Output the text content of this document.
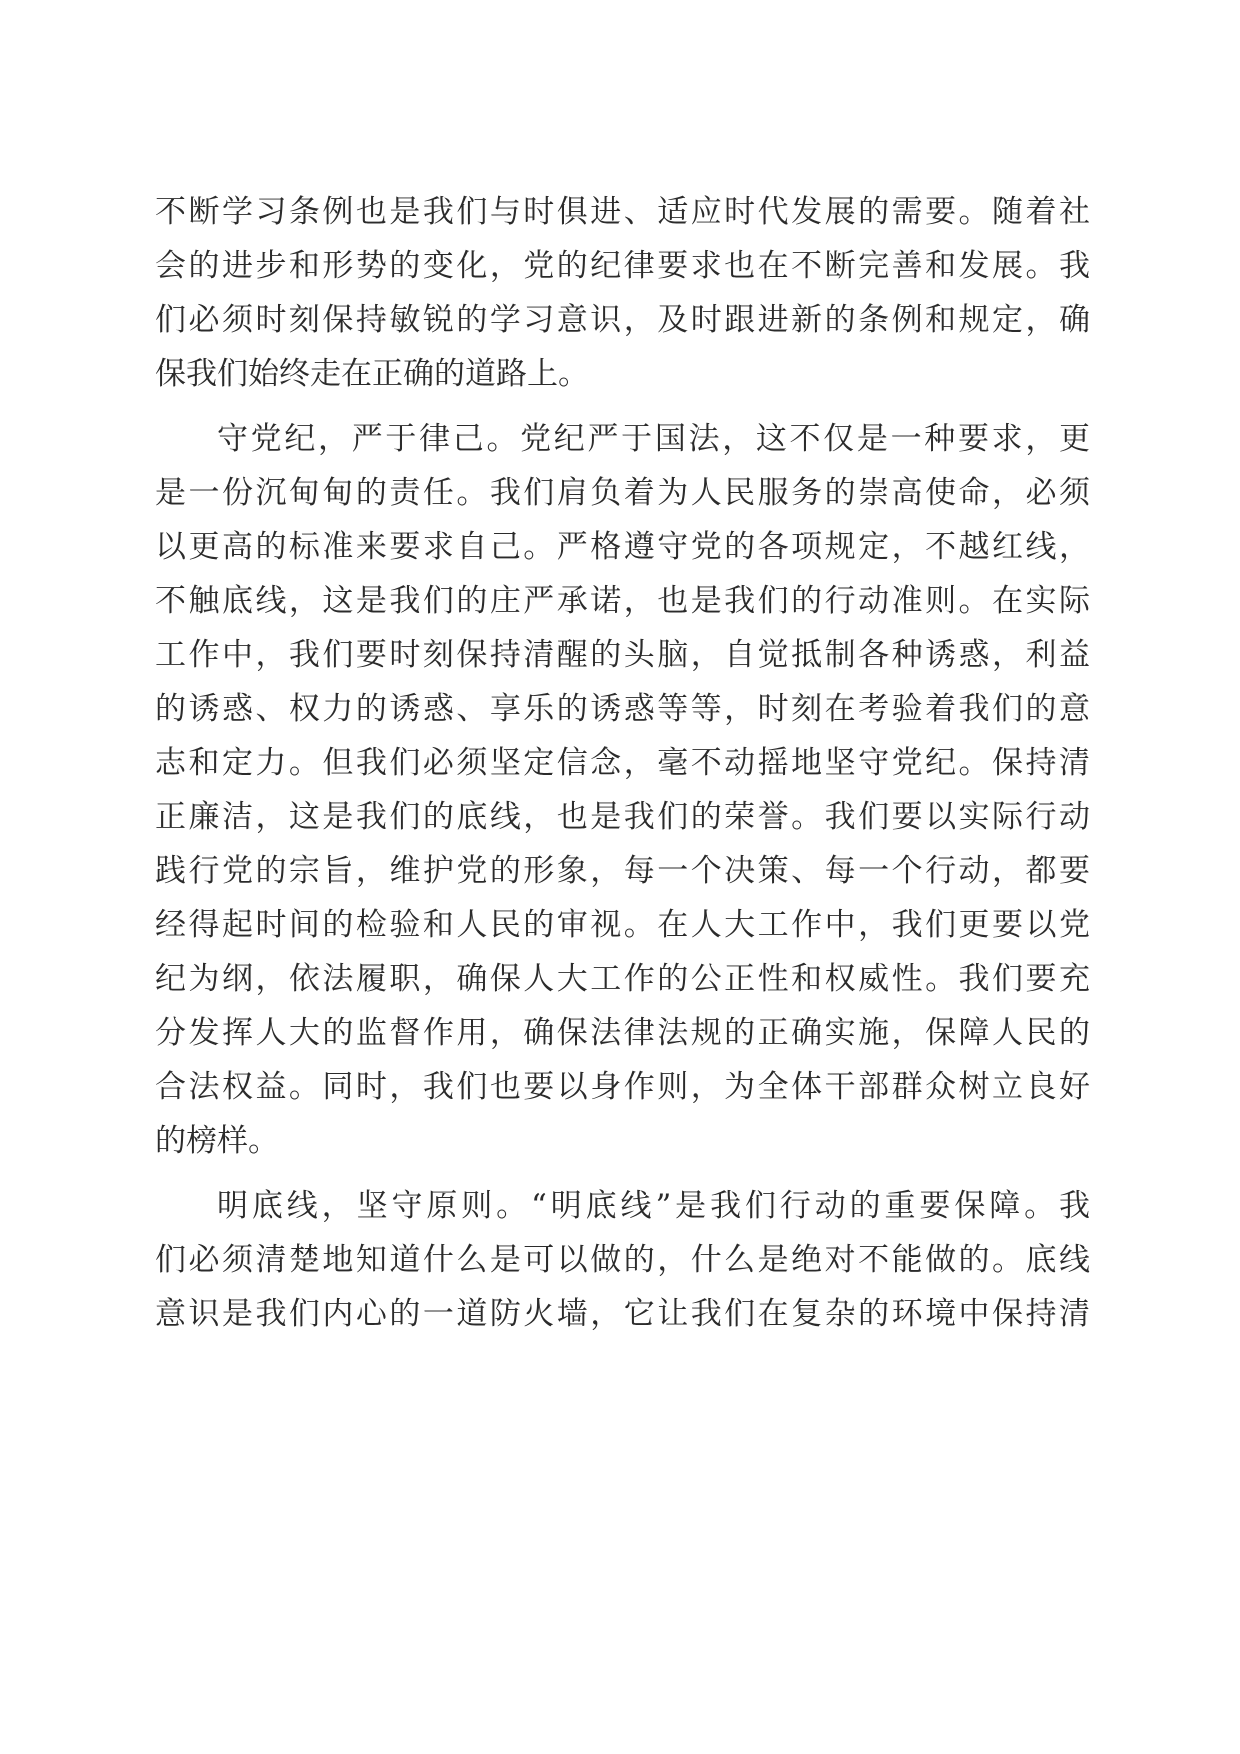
不断学习条例也是我们与时俱进、适应时代发展的需要。随着社
会的进步和形势的变化，党的纪律要求也在不断完善和发展。我
们必须时刻保持敏锐的学习意识，及时跟进新的条例和规定，确
保我们始终走在正确的道路上。
守党纪，严于律己。党纪严于国法，这不仅是一种要求，更
是一份沉甸甸的责任。我们肩负着为人民服务的崇高使命，必须
以更高的标准来要求自己。严格遵守党的各项规定，不越红线，
不触底线，这是我们的庄严承诺，也是我们的行动准则。在实际
工作中，我们要时刻保持清醒的头脑，自觉抵制各种诱惑，利益
的诱惑、权力的诱惑、享乐的诱惑等等，时刻在考验着我们的意
志和定力。但我们必须坚定信念，毫不动摇地坚守党纪。保持清
正廉洁，这是我们的底线，也是我们的荣誉。我们要以实际行动
践行党的宗旨，维护党的形象，每一个决策、每一个行动，都要
经得起时间的检验和人民的审视。在人大工作中，我们更要以党
纪为纲，依法履职，确保人大工作的公正性和权威性。我们要充
分发挥人大的监督作用，确保法律法规的正确实施，保障人民的
合法权益。同时，我们也要以身作则，为全体干部群众树立良好
的榜样。
明底线，坚守原则。“明底线”是我们行动的重要保障。我
们必须清楚地知道什么是可以做的，什么是绝对不能做的。底线
意识是我们内心的一道防火墙，它让我们在复杂的环境中保持清
